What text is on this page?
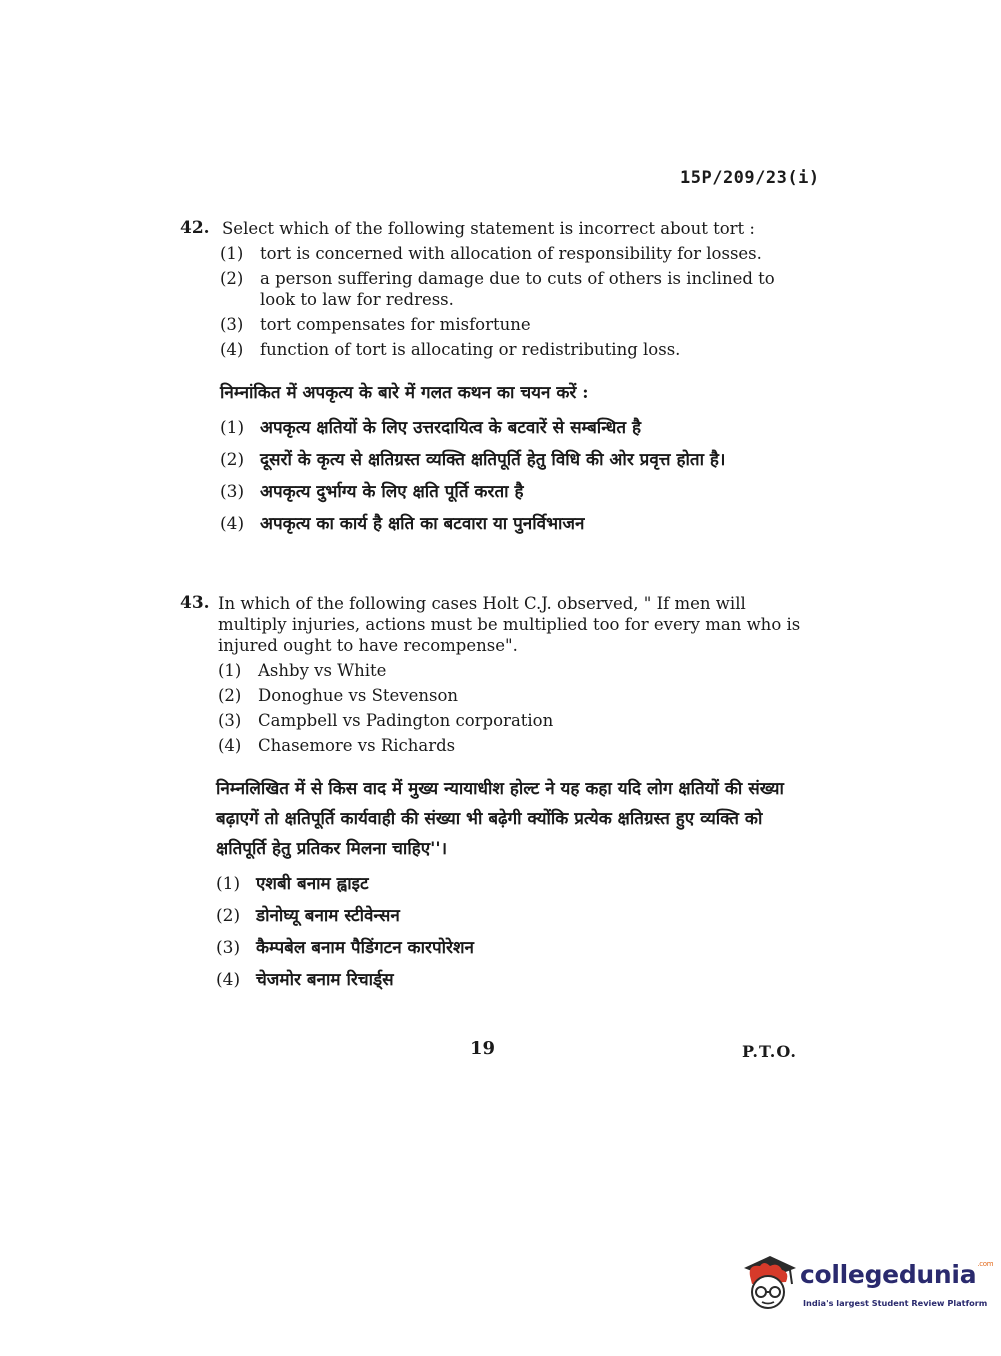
15P/209/23(i)
42. Select which of the following statement is incorrect about tort :
(1)	tort is concerned with allocation of responsibility for losses.
(2)	a person suffering damage due to cuts of others is inclined to look to law for redress.
(3)	tort compensates for misfortune
(4)	function of tort is allocating or redistributing loss.
निम्नांकित में अपकृत्य के बारे में गलत कथन का चयन करें :
(1) अपकृत्य क्षतियों के लिए उत्तरदायित्व के बटवारें से सम्बन्धित है
(2) दूसरों के कृत्य से क्षतिग्रस्त व्यक्ति क्षतिपूर्ति हेतु विधि की ओर प्रवृत्त होता है।
(3) अपकृत्य दुर्भाग्य के लिए क्षति पूर्ति करता है
(4) अपकृत्य का कार्य है क्षति का बटवारा या पुनर्विभाजन
43. In which of the following cases Holt C.J. observed, " If men will multiply injuries, actions must be multiplied too for every man who is injured ought to have recompense".
(1)	Ashby vs White
(2)	Donoghue vs Stevenson
(3)	Campbell vs Padington corporation
(4)	Chasemore vs Richards
निम्नलिखित में से किस वाद में मुख्य न्यायाधीश होल्ट ने यह कहा यदि लोग क्षतियों की संख्या बढ़ाएगें तो क्षतिपूर्ति कार्यवाही की संख्या भी बढ़ेगी क्योंकि प्रत्येक क्षतिग्रस्त हुए व्यक्ति को क्षतिपूर्ति हेतु प्रतिकर मिलना चाहिए''।
(1) एशबी बनाम ह्वाइट
(2) डोनोघ्यू बनाम स्टीवेन्सन
(3) कैम्पबेल बनाम पैडिंगटन कारपोरेशन
(4) चेजमोर बनाम रिचार्ड्स
19	P.T.O.
collegedunia$^{.com}$
India's largest Student Review Platform
